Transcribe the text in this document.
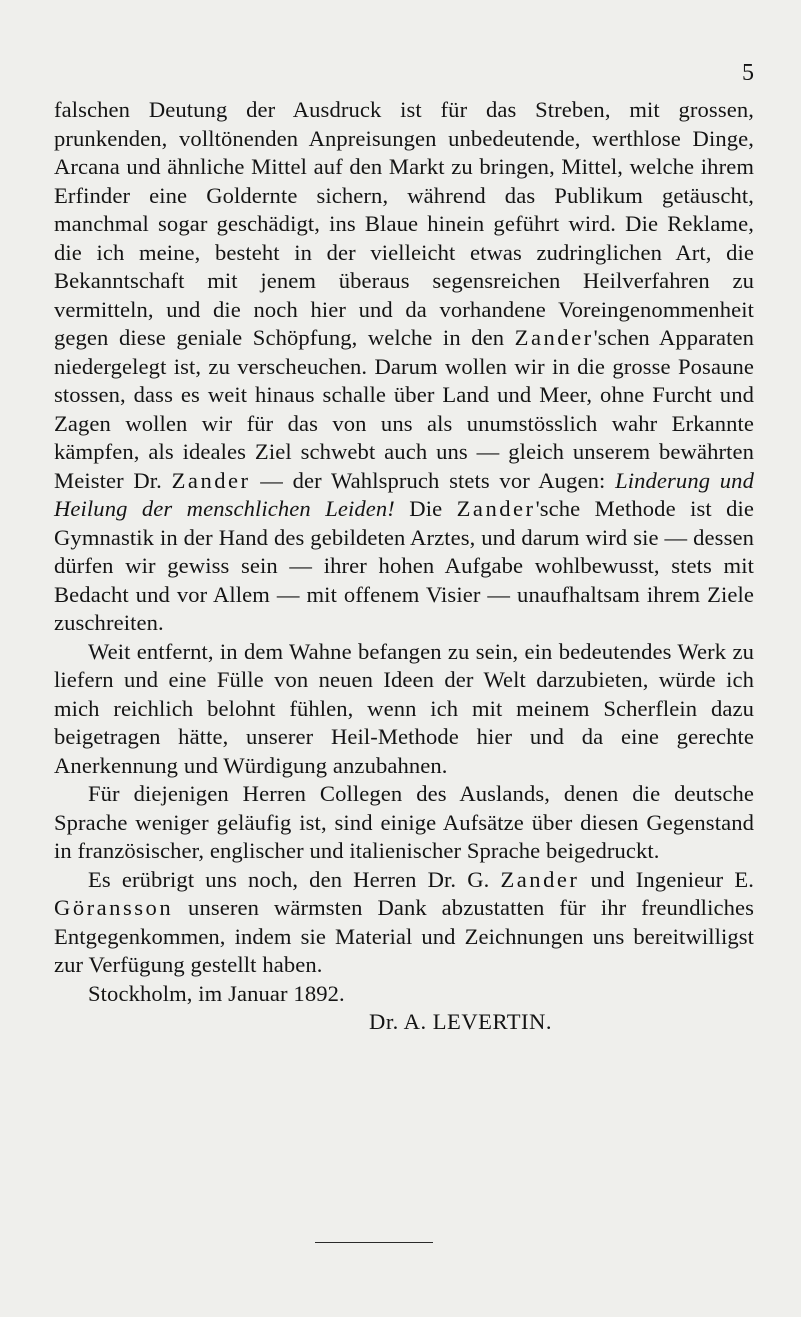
5

falschen Deutung der Ausdruck ist für das Streben, mit grossen, prunkenden, volltönenden Anpreisungen unbedeutende, werthlose Dinge, Arcana und ähnliche Mittel auf den Markt zu bringen, Mittel, welche ihrem Erfinder eine Goldernte sichern, während das Publikum getäuscht, manchmal sogar geschädigt, ins Blaue hinein geführt wird. Die Reklame, die ich meine, besteht in der vielleicht etwas zudringlichen Art, die Bekanntschaft mit jenem überaus segensreichen Heilverfahren zu vermitteln, und die noch hier und da vorhandene Voreingenommenheit gegen diese geniale Schöpfung, welche in den Zander'schen Apparaten niedergelegt ist, zu verscheuchen. Darum wollen wir in die grosse Posaune stossen, dass es weit hinaus schalle über Land und Meer, ohne Furcht und Zagen wollen wir für das von uns als unumstösslich wahr Erkannte kämpfen, als ideales Ziel schwebt auch uns — gleich unserem bewährten Meister Dr. Zander — der Wahlspruch stets vor Augen: Linderung und Heilung der menschlichen Leiden! Die Zander'sche Methode ist die Gymnastik in der Hand des gebildeten Arztes, und darum wird sie — dessen dürfen wir gewiss sein — ihrer hohen Aufgabe wohlbewusst, stets mit Bedacht und vor Allem — mit offenem Visier — unaufhaltsam ihrem Ziele zuschreiten.

Weit entfernt, in dem Wahne befangen zu sein, ein bedeutendes Werk zu liefern und eine Fülle von neuen Ideen der Welt darzubieten, würde ich mich reichlich belohnt fühlen, wenn ich mit meinem Scherflein dazu beigetragen hätte, unserer Heil-Methode hier und da eine gerechte Anerkennung und Würdigung anzubahnen.

Für diejenigen Herren Collegen des Auslands, denen die deutsche Sprache weniger geläufig ist, sind einige Aufsätze über diesen Gegenstand in französischer, englischer und italienischer Sprache beigedruckt.

Es erübrigt uns noch, den Herren Dr. G. Zander und Ingenieur E. Göransson unseren wärmsten Dank abzustatten für ihr freundliches Entgegenkommen, indem sie Material und Zeichnungen uns bereitwilligst zur Verfügung gestellt haben.

Stockholm, im Januar 1892.

Dr. A. LEVERTIN.
